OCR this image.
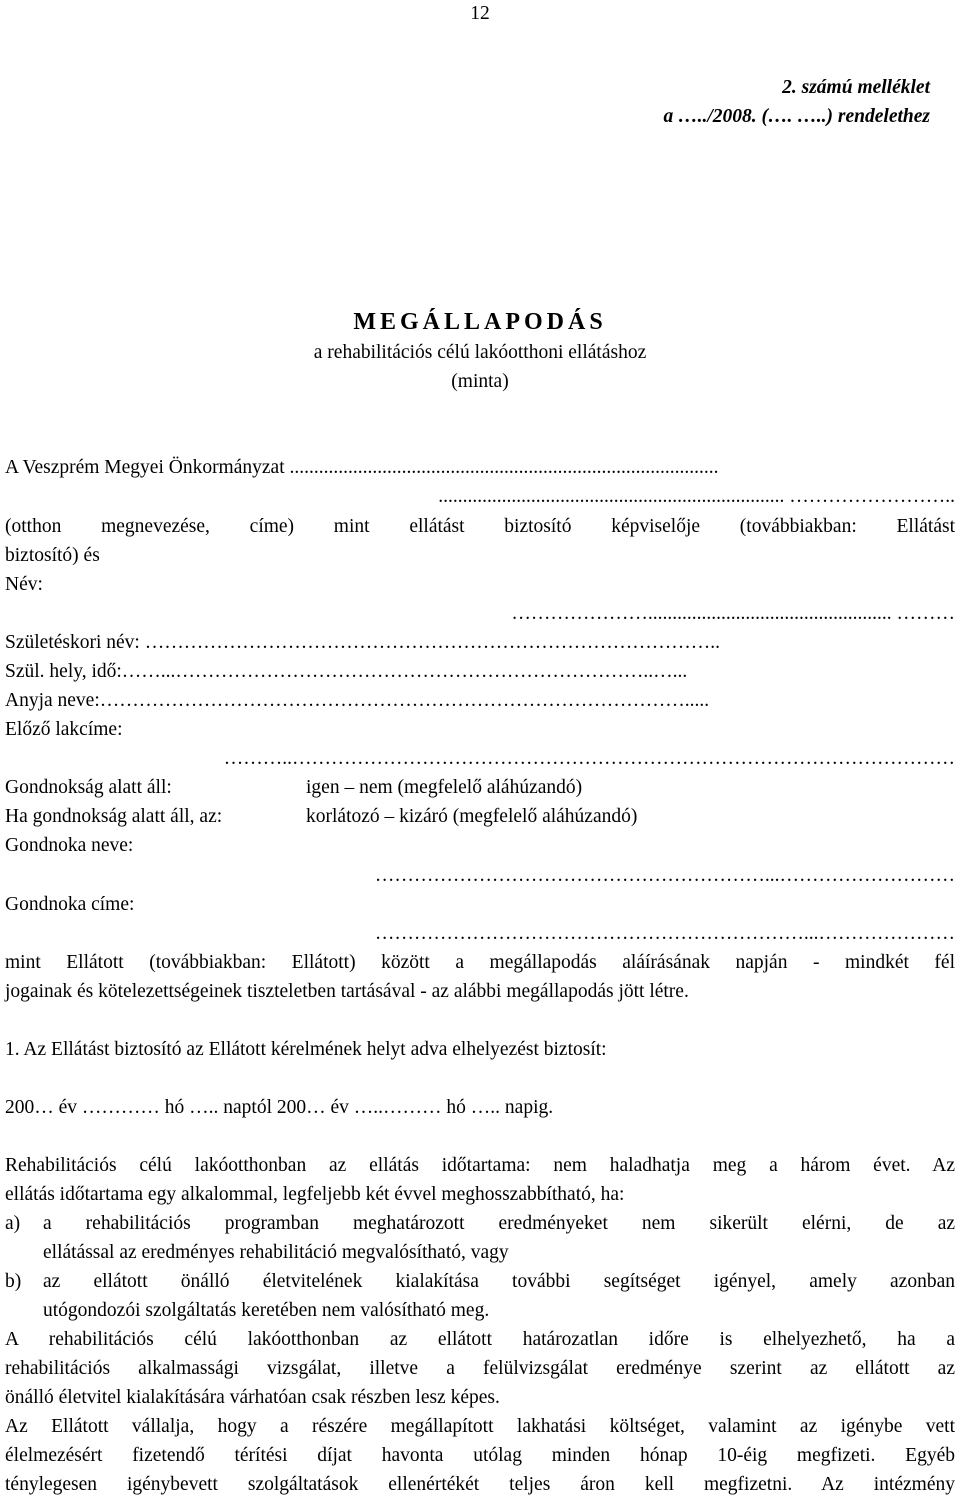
12
2. számú melléklet
a …../2008. (…. …..) rendelethez
MEGÁLLAPODÁS
a rehabilitációs célú lakóotthoni ellátáshoz
(minta)
A Veszprém Megyei Önkormányzat ........................................................................................
....................................................................... ……………………..
(otthon megnevezése, címe) mint ellátást biztosító képviselője (továbbiakban: Ellátást
biztosító) és
Név:
………………….................................................. ………
Születéskori név: ……………………………………………………………………………..
Szül. hely, idő:……...………………………………………………………………..…...
Anyja neve:……………………………………………………………………………….....
Előző lakcíme:
………..…………………………………………………………………………………………
Gondnokság alatt áll:	igen – nem (megfelelő aláhúzandó)
Ha gondnokság alatt áll, az:	korlátozó – kizáró (megfelelő aláhúzandó)
Gondnoka neve:
……………………………………………………...………………………
Gondnoka címe:
…………………………………………………………...…………………
mint Ellátott (továbbiakban: Ellátott) között a megállapodás aláírásának napján - mindkét fél
jogainak és kötelezettségeinek tiszteletben tartásával - az alábbi megállapodás jött létre.
1. Az Ellátást biztosító az Ellátott kérelmének helyt adva elhelyezést biztosít:
200… év ………… hó ….. naptól 200… év …..……… hó ….. napig.
Rehabilitációs célú lakóotthonban az ellátás időtartama: nem haladhatja meg a három évet. Az
ellátás időtartama egy alkalommal, legfeljebb két évvel meghosszabbítható, ha:
a) a rehabilitációs programban meghatározott eredményeket nem sikerült elérni, de az
ellátással az eredményes rehabilitáció megvalósítható, vagy
b) az ellátott önálló életvitelének kialakítása további segítséget igényel, amely azonban
utógondozói szolgáltatás keretében nem valósítható meg.
A rehabilitációs célú lakóotthonban az ellátott határozatlan időre is elhelyezhető, ha a
rehabilitációs alkalmassági vizsgálat, illetve a felülvizsgálat eredménye szerint az ellátott az
önálló életvitel kialakítására várhatóan csak részben lesz képes.
Az Ellátott vállalja, hogy a részére megállapított lakhatási költséget, valamint az igénybe vett
élelmezésért fizetendő térítési díjat havonta utólag minden hónap 10-éig megfizeti. Egyéb
ténylegesen igénybevett szolgáltatások ellenértékét teljes áron kell megfizetni. Az intézmény
